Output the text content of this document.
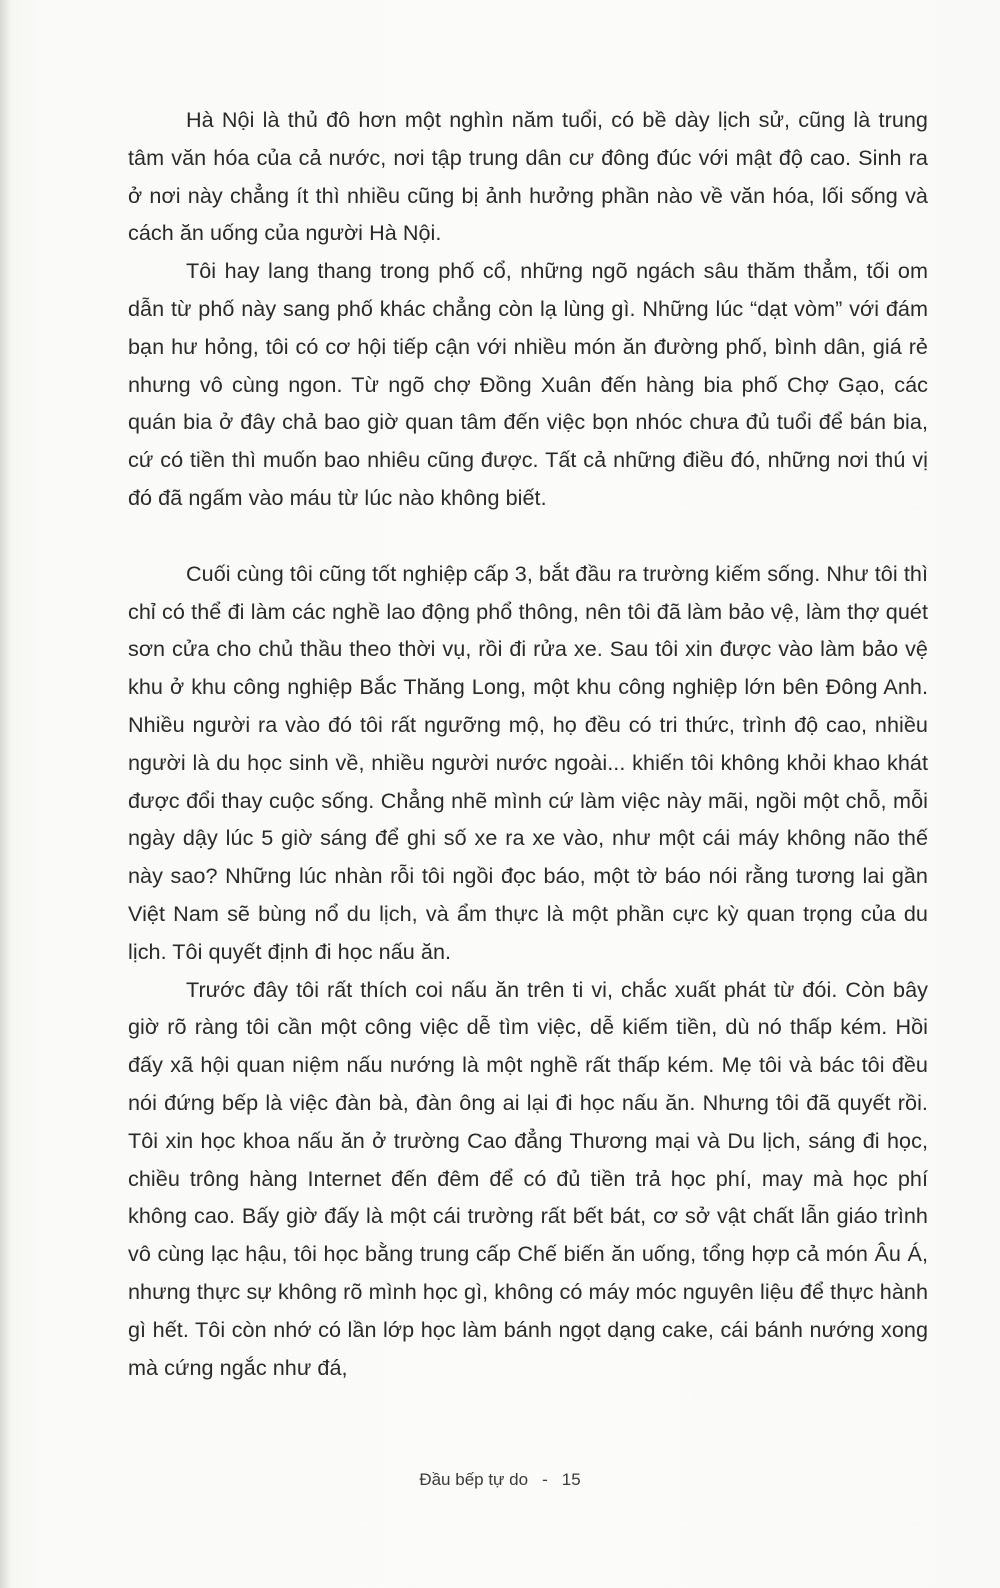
Hà Nội là thủ đô hơn một nghìn năm tuổi, có bề dày lịch sử, cũng là trung tâm văn hóa của cả nước, nơi tập trung dân cư đông đúc với mật độ cao. Sinh ra ở nơi này chẳng ít thì nhiều cũng bị ảnh hưởng phần nào về văn hóa, lối sống và cách ăn uống của người Hà Nội.

Tôi hay lang thang trong phố cổ, những ngõ ngách sâu thăm thẳm, tối om dẫn từ phố này sang phố khác chẳng còn lạ lùng gì. Những lúc “dạt vòm” với đám bạn hư hỏng, tôi có cơ hội tiếp cận với nhiều món ăn đường phố, bình dân, giá rẻ nhưng vô cùng ngon. Từ ngõ chợ Đồng Xuân đến hàng bia phố Chợ Gạo, các quán bia ở đây chả bao giờ quan tâm đến việc bọn nhóc chưa đủ tuổi để bán bia, cứ có tiền thì muốn bao nhiêu cũng được. Tất cả những điều đó, những nơi thú vị đó đã ngấm vào máu từ lúc nào không biết.

Cuối cùng tôi cũng tốt nghiệp cấp 3, bắt đầu ra trường kiếm sống. Như tôi thì chỉ có thể đi làm các nghề lao động phổ thông, nên tôi đã làm bảo vệ, làm thợ quét sơn cửa cho chủ thầu theo thời vụ, rồi đi rửa xe. Sau tôi xin được vào làm bảo vệ khu ở khu công nghiệp Bắc Thăng Long, một khu công nghiệp lớn bên Đông Anh. Nhiều người ra vào đó tôi rất ngưỡng mộ, họ đều có tri thức, trình độ cao, nhiều người là du học sinh về, nhiều người nước ngoài... khiến tôi không khỏi khao khát được đổi thay cuộc sống. Chẳng nhẽ mình cứ làm việc này mãi, ngồi một chỗ, mỗi ngày dậy lúc 5 giờ sáng để ghi số xe ra xe vào, như một cái máy không não thế này sao? Những lúc nhàn rỗi tôi ngồi đọc báo, một tờ báo nói rằng tương lai gần Việt Nam sẽ bùng nổ du lịch, và ẩm thực là một phần cực kỳ quan trọng của du lịch. Tôi quyết định đi học nấu ăn.

Trước đây tôi rất thích coi nấu ăn trên ti vi, chắc xuất phát từ đói. Còn bây giờ rõ ràng tôi cần một công việc dễ tìm việc, dễ kiếm tiền, dù nó thấp kém. Hồi đấy xã hội quan niệm nấu nướng là một nghề rất thấp kém. Mẹ tôi và bác tôi đều nói đứng bếp là việc đàn bà, đàn ông ai lại đi học nấu ăn. Nhưng tôi đã quyết rồi. Tôi xin học khoa nấu ăn ở trường Cao đẳng Thương mại và Du lịch, sáng đi học, chiều trông hàng Internet đến đêm để có đủ tiền trả học phí, may mà học phí không cao. Bấy giờ đấy là một cái trường rất bết bát, cơ sở vật chất lẫn giáo trình vô cùng lạc hậu, tôi học bằng trung cấp Chế biến ăn uống, tổng hợp cả món Âu Á, nhưng thực sự không rõ mình học gì, không có máy móc nguyên liệu để thực hành gì hết. Tôi còn nhớ có lần lớp học làm bánh ngọt dạng cake, cái bánh nướng xong mà cứng ngắc như đá,

Đầu bếp tự do - 15
